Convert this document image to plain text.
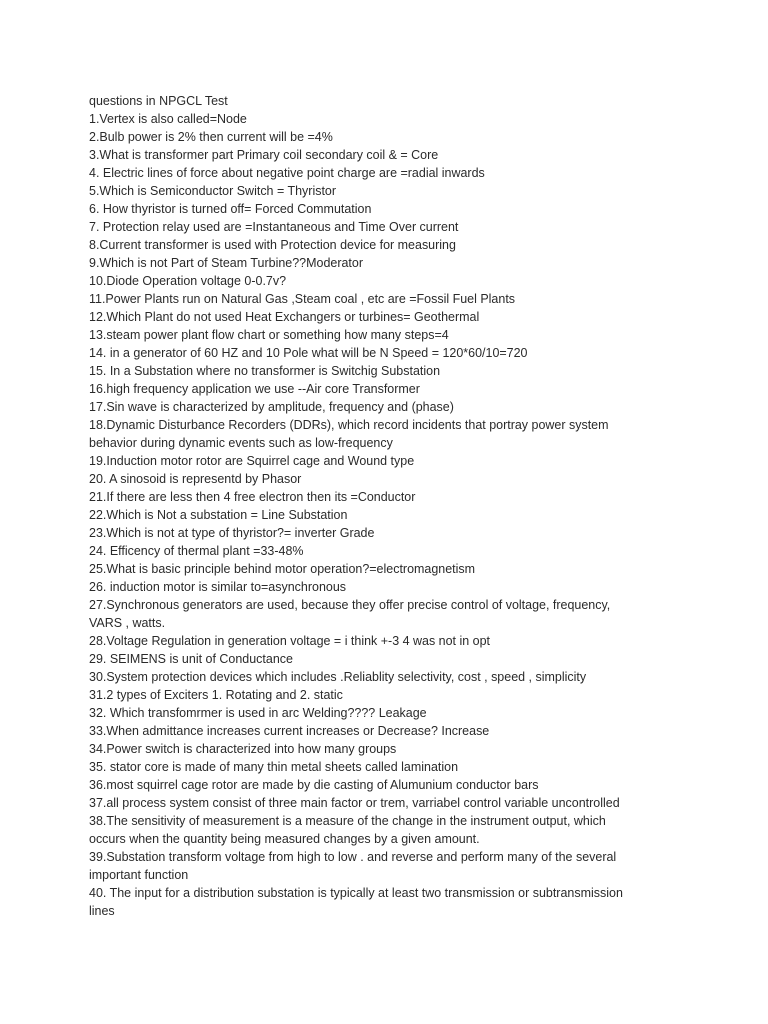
questions in NPGCL Test
1.Vertex is also called=Node
2.Bulb power is 2% then current will be =4%
3.What is transformer part Primary coil secondary coil & = Core
4. Electric lines of force about negative point charge are =radial inwards
5.Which is Semiconductor Switch = Thyristor
6. How thyristor is turned off= Forced Commutation
7. Protection relay used are =Instantaneous and Time Over current
8.Current transformer is used with Protection device for measuring
9.Which is not Part of Steam Turbine??Moderator
10.Diode Operation voltage 0-0.7v?
11.Power Plants run on Natural Gas ,Steam coal , etc are =Fossil Fuel Plants
12.Which Plant do not used Heat Exchangers or turbines= Geothermal
13.steam power plant flow chart or something how many steps=4
14. in a generator of 60 HZ and 10 Pole what will be N Speed = 120*60/10=720
15. In a Substation where no transformer is Switchig Substation
16.high frequency application we use --Air core Transformer
17.Sin wave is characterized by amplitude, frequency and (phase)
18.Dynamic Disturbance Recorders (DDRs), which record incidents that portray power system behavior during dynamic events such as low-frequency
19.Induction motor rotor are Squirrel cage and Wound type
20. A sinosoid is representd by Phasor
21.If there are less then 4 free electron then its =Conductor
22.Which is Not a substation = Line Substation
23.Which is not at type of thyristor?= inverter Grade
24. Efficency of thermal plant =33-48%
25.What is basic principle behind motor operation?=electromagnetism
26. induction motor is similar to=asynchronous
27.Synchronous generators are used, because they offer precise control of voltage, frequency, VARS , watts.
28.Voltage Regulation in generation voltage = i think +-3 4 was not in opt
29. SEIMENS is unit of Conductance
30.System protection devices which includes .Reliablity selectivity, cost , speed , simplicity
31.2 types of Exciters 1. Rotating and 2. static
32. Which transfomrmer is used in arc Welding???? Leakage
33.When admittance increases current increases or Decrease? Increase
34.Power switch is characterized into how many groups
35. stator core is made of many thin metal sheets called lamination
36.most squirrel cage rotor are made by die casting of Alumunium conductor bars
37.all process system consist of three main factor or trem, varriabel control variable uncontrolled
38.The sensitivity of measurement is a measure of the change in the instrument output, which occurs when the quantity being measured changes by a given amount.
39.Substation transform voltage from high to low . and reverse and perform many of the several important function
40. The input for a distribution substation is typically at least two transmission or subtransmission lines
